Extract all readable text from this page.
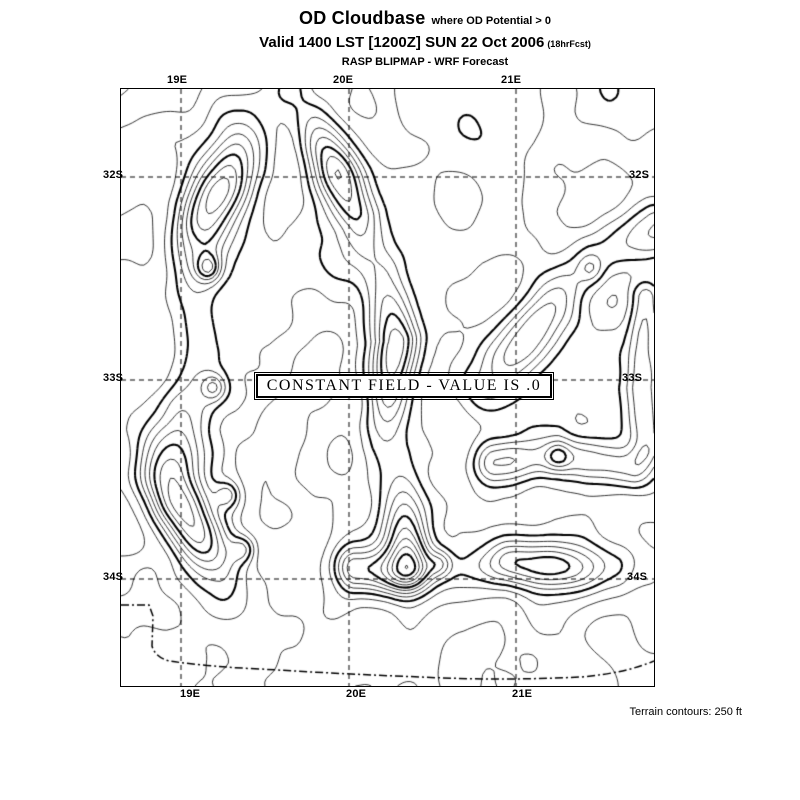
OD Cloudbase where OD Potential > 0
Valid 1400 LST [1200Z] SUN 22 Oct 2006 (18hrFcst)
RASP BLIPMAP - WRF Forecast
CONSTANT FIELD - VALUE IS .0
19E	20E	21E
19E	20E	21E
32S
33S
34S
32S
33S
34S
Terrain contours: 250 ft
